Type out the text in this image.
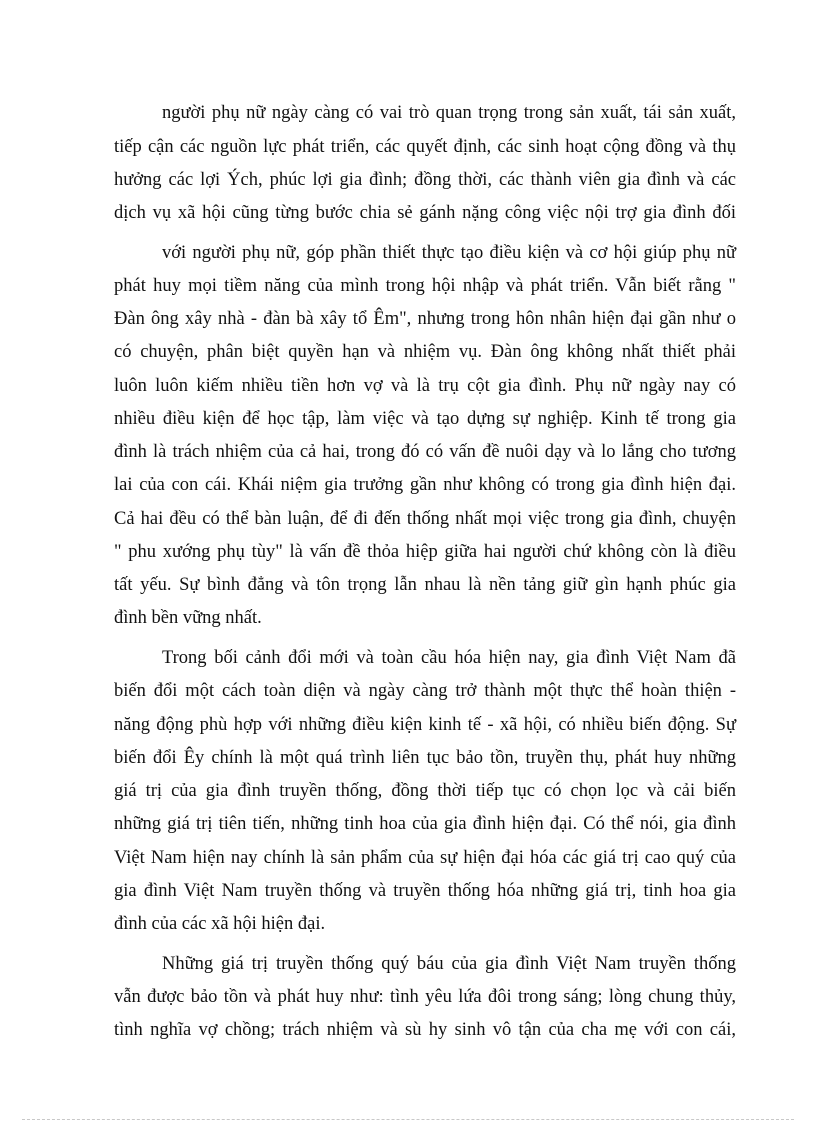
người phụ nữ ngày càng có vai trò quan trọng trong sản xuất, tái sản xuất,
tiếp cận các nguồn lực phát triển, các quyết định, các sinh hoạt cộng đồng và thụ
hưởng các lợi Ých, phúc lợi gia đình; đồng thời, các thành viên gia đình và các
dịch vụ xã hội cũng từng bước chia sẻ gánh nặng công việc nội trợ gia đình đối
với người phụ nữ, góp phần thiết thực tạo điều kiện và cơ hội giúp phụ nữ
phát huy mọi tiềm năng của mình trong hội nhập và phát triển. Vẫn biết rằng "
Đàn ông xây nhà - đàn bà xây tổ Êm", nhưng trong hôn nhân hiện đại gần như o
có chuyện, phân biệt quyền hạn và nhiệm vụ. Đàn ông không nhất thiết phải
luôn luôn kiếm nhiều tiền hơn vợ và là trụ cột gia đình. Phụ nữ ngày nay có
nhiều điều kiện để học tập, làm việc và tạo dựng sự nghiệp. Kinh tế trong gia
đình là trách nhiệm của cả hai, trong đó có vấn đề nuôi dạy và lo lắng cho tương
lai của con cái. Khái niệm gia trưởng gần như không có trong gia đình hiện đại.
Cả hai đều có thể bàn luận, để đi đến thống nhất mọi việc trong gia đình, chuyện
" phu xướng phụ tùy" là vấn đề thỏa hiệp giữa hai người chứ không còn là điều
tất yếu. Sự bình đẳng và tôn trọng lẫn nhau là nền tảng giữ gìn hạnh phúc gia
đình bền vững nhất.
Trong bối cảnh đổi mới và toàn cầu hóa hiện nay, gia đình Việt Nam đã
biến đổi một cách toàn diện và ngày càng trở thành một thực thể hoàn thiện -
năng động phù hợp với những điều kiện kinh tế - xã hội, có nhiều biến động. Sự
biến đổi Êy chính là một quá trình liên tục bảo tồn, truyền thụ, phát huy những
giá trị của gia đình truyền thống, đồng thời tiếp tục có chọn lọc và cải biến
những giá trị tiên tiến, những tinh hoa của gia đình hiện đại. Có thể nói, gia đình
Việt Nam hiện nay chính là sản phẩm của sự hiện đại hóa các giá trị cao quý của
gia đình Việt Nam truyền thống và truyền thống hóa những giá trị, tinh hoa gia
đình của các xã hội hiện đại.
Những giá trị truyền thống quý báu của gia đình Việt Nam truyền thống
vẫn được bảo tồn và phát huy như: tình yêu lứa đôi trong sáng; lòng chung thủy,
tình nghĩa vợ chồng; trách nhiệm và sù hy sinh vô tận của cha mẹ với con cái,
